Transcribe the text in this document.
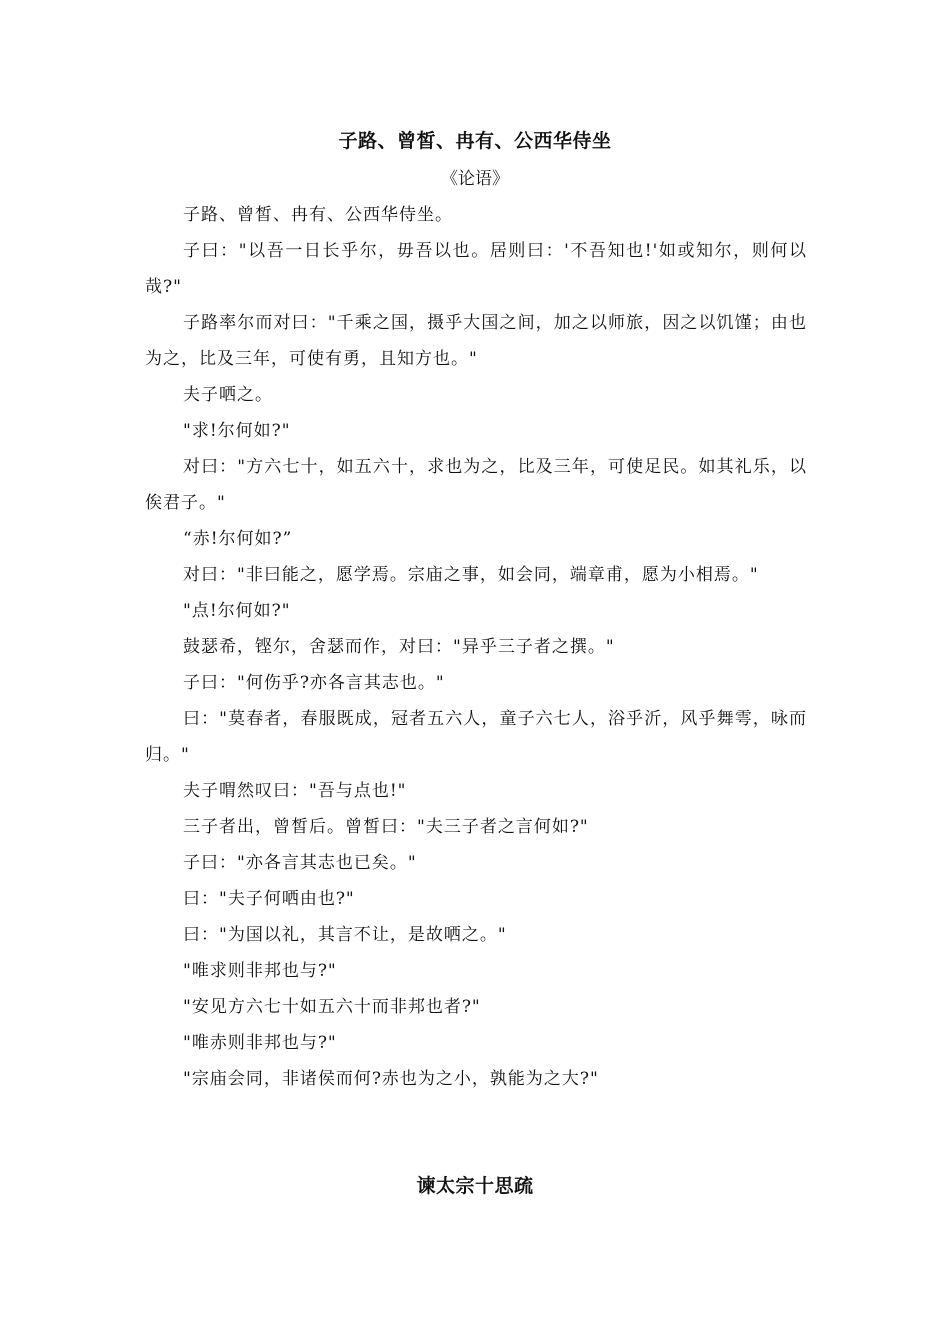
子路、曾皙、冉有、公西华侍坐
《论语》

子路、曾皙、冉有、公西华侍坐。

子曰："以吾一日长乎尔，毋吾以也。居则曰：'不吾知也!'如或知尔，则何以哉?"

子路率尔而对曰："千乘之国，摄乎大国之间，加之以师旅，因之以饥馑；由也为之，比及三年，可使有勇，且知方也。"

夫子哂之。

"求!尔何如?"

对曰："方六七十，如五六十，求也为之，比及三年，可使足民。如其礼乐，以俟君子。"

“赤!尔何如?”

对曰："非曰能之，愿学焉。宗庙之事，如会同，端章甫，愿为小相焉。"

"点!尔何如?"

鼓瑟希，铿尔，舍瑟而作，对曰："异乎三子者之撰。"

子曰："何伤乎?亦各言其志也。"

曰："莫春者，春服既成，冠者五六人，童子六七人，浴乎沂，风乎舞雩，咏而归。"

夫子喟然叹曰："吾与点也!"

三子者出，曾皙后。曾皙曰："夫三子者之言何如?"

子曰："亦各言其志也已矣。"

曰："夫子何哂由也?"

曰："为国以礼，其言不让，是故哂之。"

"唯求则非邦也与?"

"安见方六七十如五六十而非邦也者?"

"唯赤则非邦也与?"

"宗庙会同，非诸侯而何?赤也为之小，孰能为之大?"

谏太宗十思疏
